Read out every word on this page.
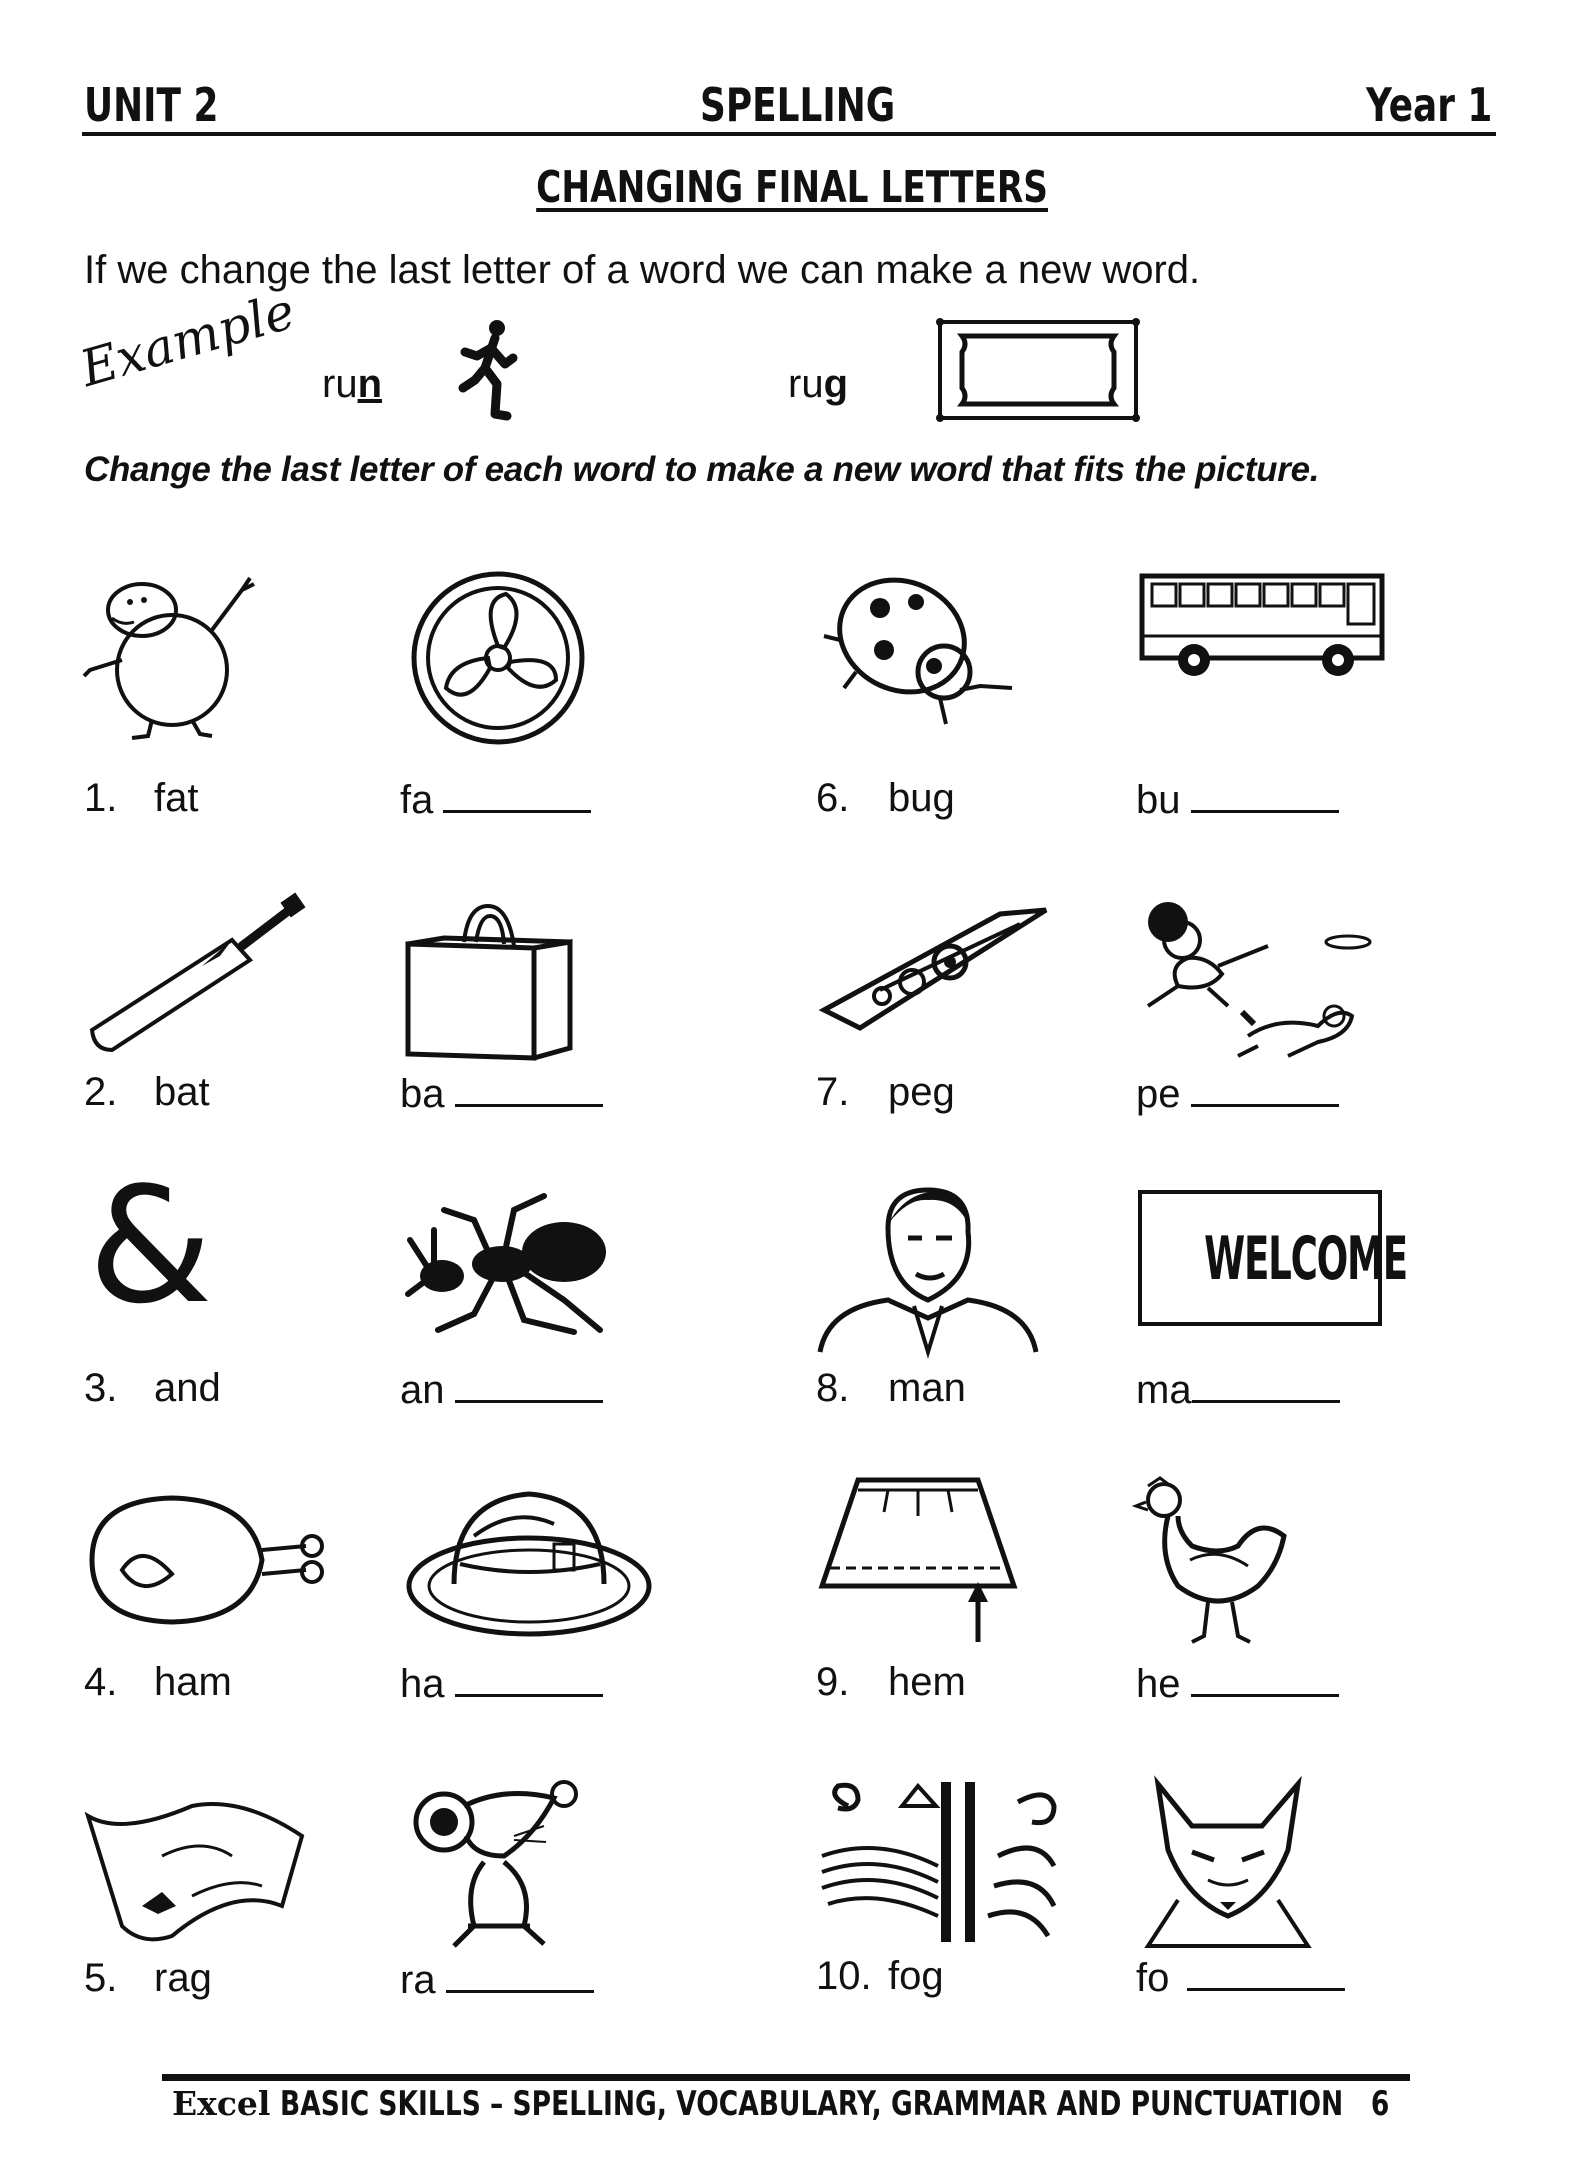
UNIT 2	SPELLING	Year 1
CHANGING FINAL LETTERS
If we change the last letter of a word we can make a new word.
Example run	rug
Change the last letter of each word to make a new word that fits the picture.
&	WELCOME
1. fat	fa
2. bat	ba
3. and	an
4. ham	ha
5. rag	ra
6. bug	bu
7. peg	pe
8. man	ma
9. hem	he
10. fog	fo
Excel BASIC SKILLS – SPELLING, VOCABULARY, GRAMMAR AND PUNCTUATION 6
